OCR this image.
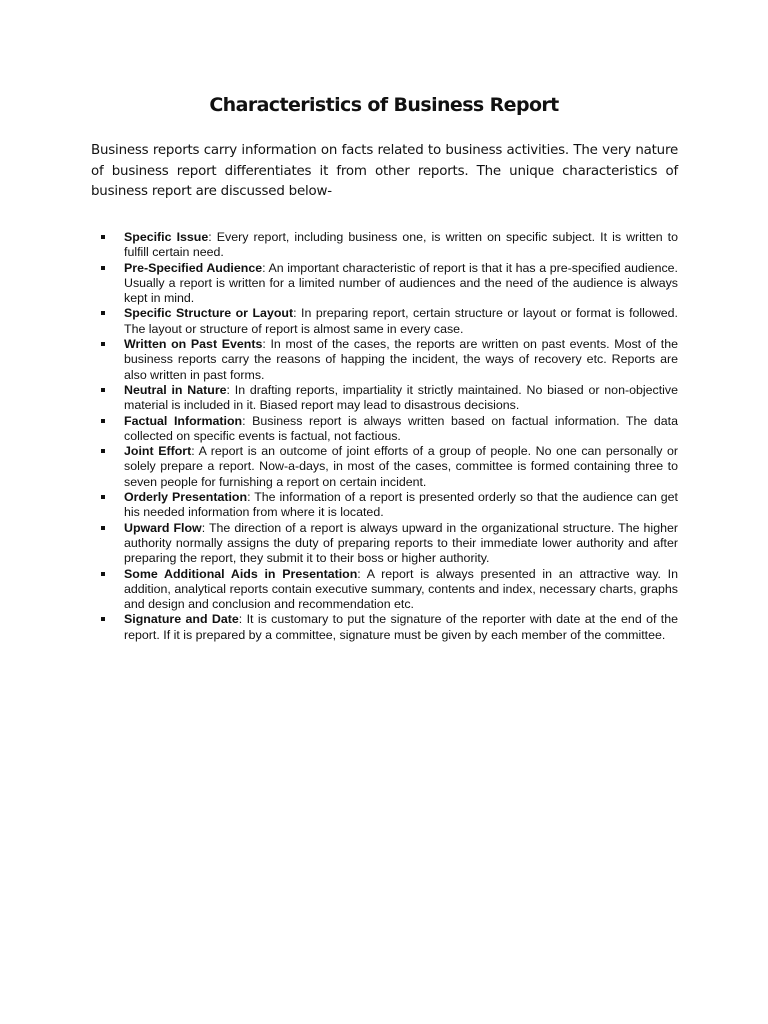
Characteristics of Business Report

Business reports carry information on facts related to business activities. The very nature of business report differentiates it from other reports. The unique characteristics of business report are discussed below-

Specific Issue: Every report, including business one, is written on specific subject. It is written to fulfill certain need.
Pre-Specified Audience: An important characteristic of report is that it has a pre-specified audience. Usually a report is written for a limited number of audiences and the need of the audience is always kept in mind.
Specific Structure or Layout: In preparing report, certain structure or layout or format is followed. The layout or structure of report is almost same in every case.
Written on Past Events: In most of the cases, the reports are written on past events. Most of the business reports carry the reasons of happing the incident, the ways of recovery etc. Reports are also written in past forms.
Neutral in Nature: In drafting reports, impartiality it strictly maintained. No biased or non-objective material is included in it. Biased report may lead to disastrous decisions.
Factual Information: Business report is always written based on factual information. The data collected on specific events is factual, not factious.
Joint Effort: A report is an outcome of joint efforts of a group of people. No one can personally or solely prepare a report. Now-a-days, in most of the cases, committee is formed containing three to seven people for furnishing a report on certain incident.
Orderly Presentation: The information of a report is presented orderly so that the audience can get his needed information from where it is located.
Upward Flow: The direction of a report is always upward in the organizational structure. The higher authority normally assigns the duty of preparing reports to their immediate lower authority and after preparing the report, they submit it to their boss or higher authority.
Some Additional Aids in Presentation: A report is always presented in an attractive way. In addition, analytical reports contain executive summary, contents and index, necessary charts, graphs and design and conclusion and recommendation etc.
Signature and Date: It is customary to put the signature of the reporter with date at the end of the report. If it is prepared by a committee, signature must be given by each member of the committee.
